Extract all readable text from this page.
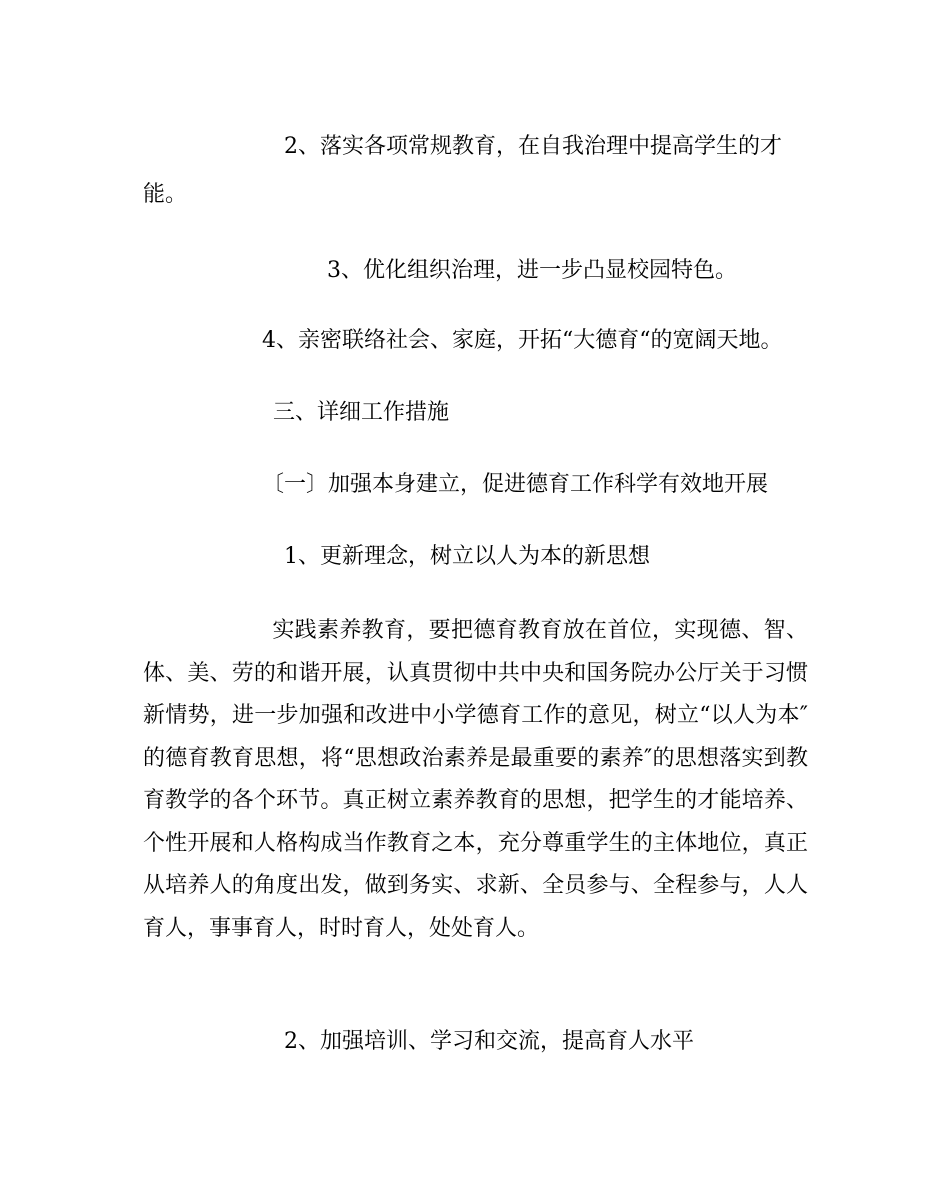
2、落实各项常规教育，在自我治理中提高学生的才
能。
3、优化组织治理，进一步凸显校园特色。
4、亲密联络社会、家庭，开拓“大德育“的宽阔天地。
三、详细工作措施
〔一〕加强本身建立，促进德育工作科学有效地开展
1、更新理念，树立以人为本的新思想
实践素养教育，要把德育教育放在首位，实现德、智、体、美、劳的和谐开展，认真贯彻中共中央和国务院办公厅关于习惯新情势，进一步加强和改进中小学德育工作的意见，树立“以人为本″的德育教育思想，将“思想政治素养是最重要的素养″的思想落实到教育教学的各个环节。真正树立素养教育的思想，把学生的才能培养、个性开展和人格构成当作教育之本，充分尊重学生的主体地位，真正从培养人的角度出发，做到务实、求新、全员参与、全程参与，人人育人，事事育人，时时育人，处处育人。
2、加强培训、学习和交流，提高育人水平
